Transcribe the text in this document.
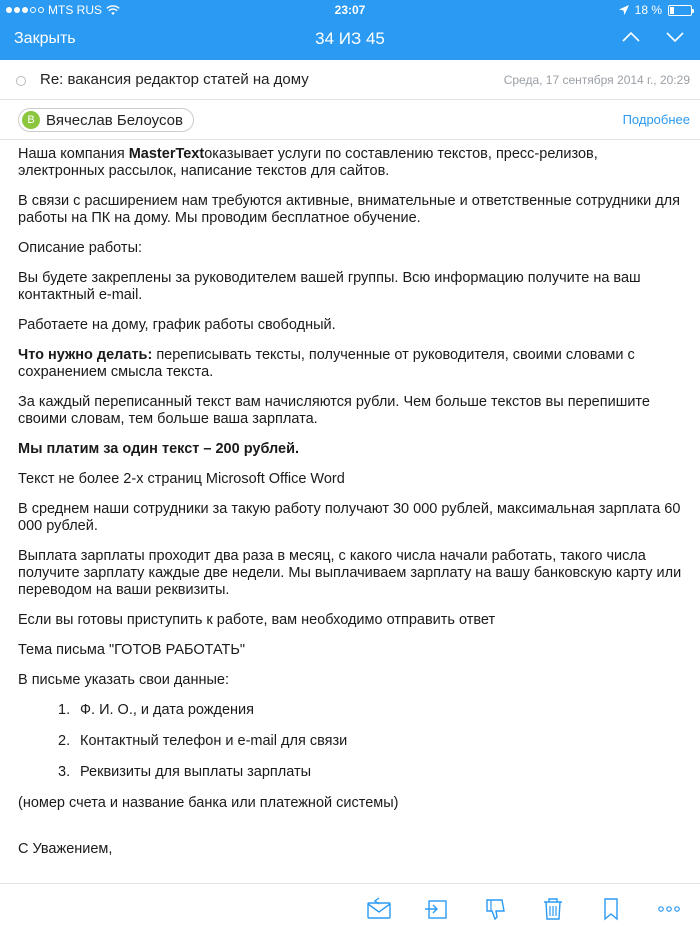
MTS RUS	23:07	18 %
Закрыть	34 ИЗ 45
Re: вакансия редактор статей на дому	Среда, 17 сентября 2014 г., 20:29
В Вячеслав Белоусов	Подробнее

Наша компания MasterTextоказывает услуги по составлению текстов, пресс-релизов, электронных рассылок, написание текстов для сайтов.

В связи с расширением нам требуются активные, внимательные и ответственные сотрудники для работы на ПК на дому. Мы проводим бесплатное обучение.

Описание работы:

Вы будете закреплены за руководителем вашей группы. Всю информацию получите на ваш контактный e-mail.

Работаете на дому, график работы свободный.

Что нужно делать: переписывать тексты, полученные от руководителя, своими словами с сохранением смысла текста.

За каждый переписанный текст вам начисляются рубли. Чем больше текстов вы перепишите своими словам, тем больше ваша зарплата.

Мы платим за один текст – 200 рублей.

Текст не более 2-х страниц Microsoft Office Word

В среднем наши сотрудники за такую работу получают 30 000 рублей, максимальная зарплата 60 000 рублей.

Выплата зарплаты проходит два раза в месяц, с какого числа начали работать, такого числа получите зарплату каждые две недели. Мы выплачиваем зарплату на вашу банковскую карту или переводом на ваши реквизиты.

Если вы готовы приступить к работе, вам необходимо отправить ответ

Тема письма "ГОТОВ РАБОТАТЬ"

В письме указать свои данные:

1. Ф. И. О., и дата рождения
2. Контактный телефон и e-mail для связи
3. Реквизиты для выплаты зарплаты

(номер счета и название банка или платежной системы)

С Уважением,
